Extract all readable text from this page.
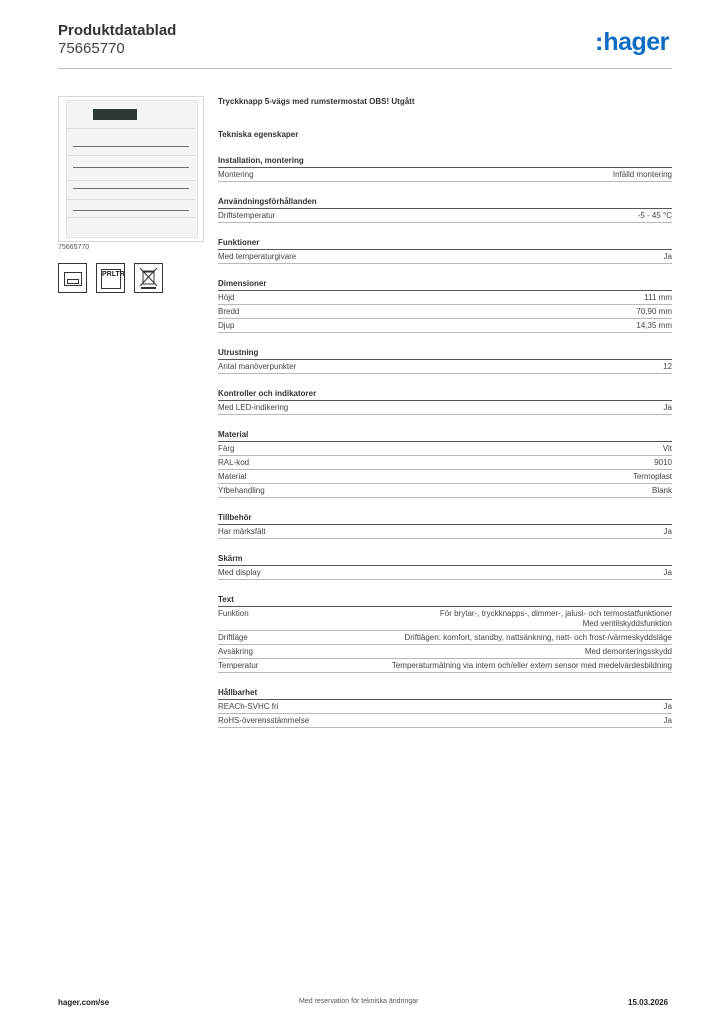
Produktdatablad
75665770	:hager
75665770
PRLTR
Tryckknapp 5-vägs med rumstermostat OBS! Utgått
Tekniska egenskaper
Installation, montering
Montering	Infälld montering
Användningsförhållanden
Driftstemperatur	-5 - 45 °C
Funktioner
Med temperaturgivare	Ja
Dimensioner
Höjd	111 mm
Bredd	70,90 mm
Djup	14,35 mm
Utrustning
Antal manöverpunkter	12
Kontroller och indikatorer
Med LED-indikering	Ja
Material
Färg	Vit
RAL-kod	9010
Material	Termoplast
Ytbehandling	Blank
Tillbehör
Har märksfält	Ja
Skärm
Med display	Ja
Text
Funktion	För brytar-, tryckknapps-, dimmer-, jalusi- och termostatfunktioner
Med ventilskyddsfunktion
Driftläge	Driftlägen: komfort, standby, nattsänkning, natt- och frost-/värmeskyddsläge
Avsäkring	Med demonteringsskydd
Temperatur	Temperaturmätning via intern och/eller extern sensor med medelvärdesbildning
Hållbarhet
REACh-SVHC fri	Ja
RoHS-överensstämmelse	Ja
hager.com/se	Med reservation för tekniska ändringar	15.03.2026
